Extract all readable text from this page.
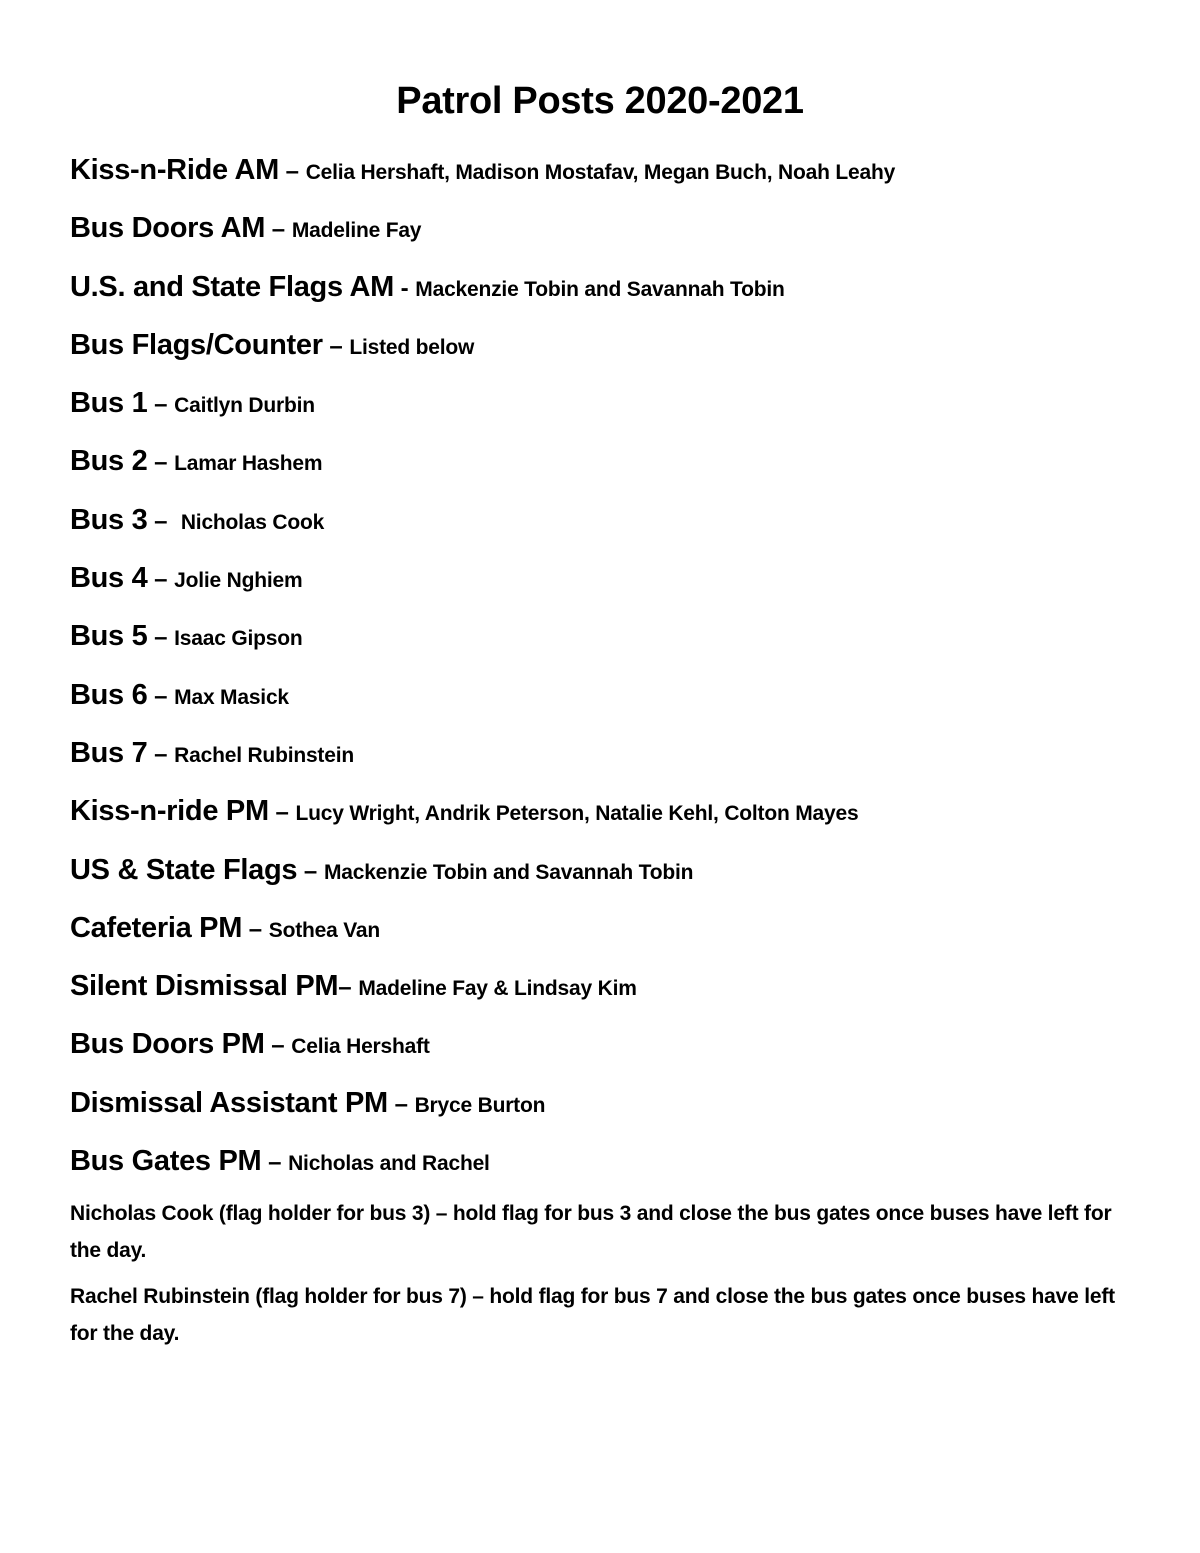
Patrol Posts 2020-2021
Kiss-n-Ride AM – Celia Hershaft, Madison Mostafav, Megan Buch, Noah Leahy
Bus Doors AM – Madeline Fay
U.S. and State Flags AM - Mackenzie Tobin and Savannah Tobin
Bus Flags/Counter – Listed below
Bus 1 – Caitlyn Durbin
Bus 2 – Lamar Hashem
Bus 3 –  Nicholas Cook
Bus 4 – Jolie Nghiem
Bus 5 – Isaac Gipson
Bus 6 – Max Masick
Bus 7 – Rachel Rubinstein
Kiss-n-ride PM – Lucy Wright, Andrik Peterson, Natalie Kehl, Colton Mayes
US & State Flags – Mackenzie Tobin and Savannah Tobin
Cafeteria PM – Sothea Van
Silent Dismissal PM– Madeline Fay & Lindsay Kim
Bus Doors PM – Celia Hershaft
Dismissal Assistant PM – Bryce Burton
Bus Gates PM – Nicholas and Rachel

Nicholas Cook (flag holder for bus 3) – hold flag for bus 3 and close the bus gates once buses have left for the day.

Rachel Rubinstein (flag holder for bus 7) – hold flag for bus 7 and close the bus gates once buses have left for the day.
